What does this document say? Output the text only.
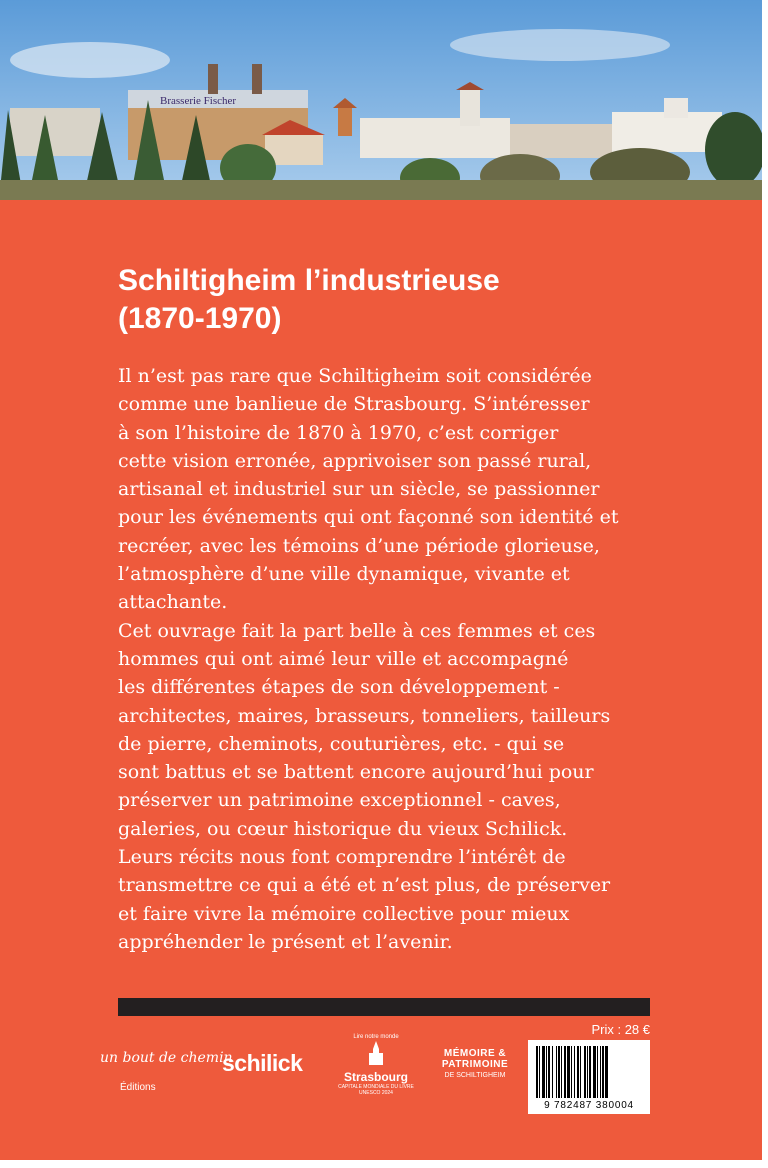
Brasserie Fischer
Schiltigheim l’industrieuse
(1870-1970)
Il n’est pas rare que Schiltigheim soit considérée
comme une banlieue de Strasbourg. S’intéresser
à son l’histoire de 1870 à 1970, c’est corriger
cette vision erronée, apprivoiser son passé rural,
artisanal et industriel sur un siècle, se passionner
pour les événements qui ont façonné son identité et
recréer, avec les témoins d’une période glorieuse,
l’atmosphère d’une ville dynamique, vivante et
attachante.
Cet ouvrage fait la part belle à ces femmes et ces
hommes qui ont aimé leur ville et accompagné
les différentes étapes de son développement -
architectes, maires, brasseurs, tonneliers, tailleurs
de pierre, cheminots, couturières, etc. - qui se
sont battus et se battent encore aujourd’hui pour
préserver un patrimoine exceptionnel - caves,
galeries, ou cœur historique du vieux Schilick.
Leurs récits nous font comprendre l’intérêt de
transmettre ce qui a été et n’est plus, de préserver
et faire vivre la mémoire collective pour mieux
appréhender le présent et l’avenir.
Prix : 28 €
un bout de chemin
Éditions
schilick
Lire notre monde
Strasbourg
CAPITALE MONDIALE DU LIVRE UNESCO 2024
MÉMOIRE &
PATRIMOINE
DE SCHILTIGHEIM
9 782487 380004
